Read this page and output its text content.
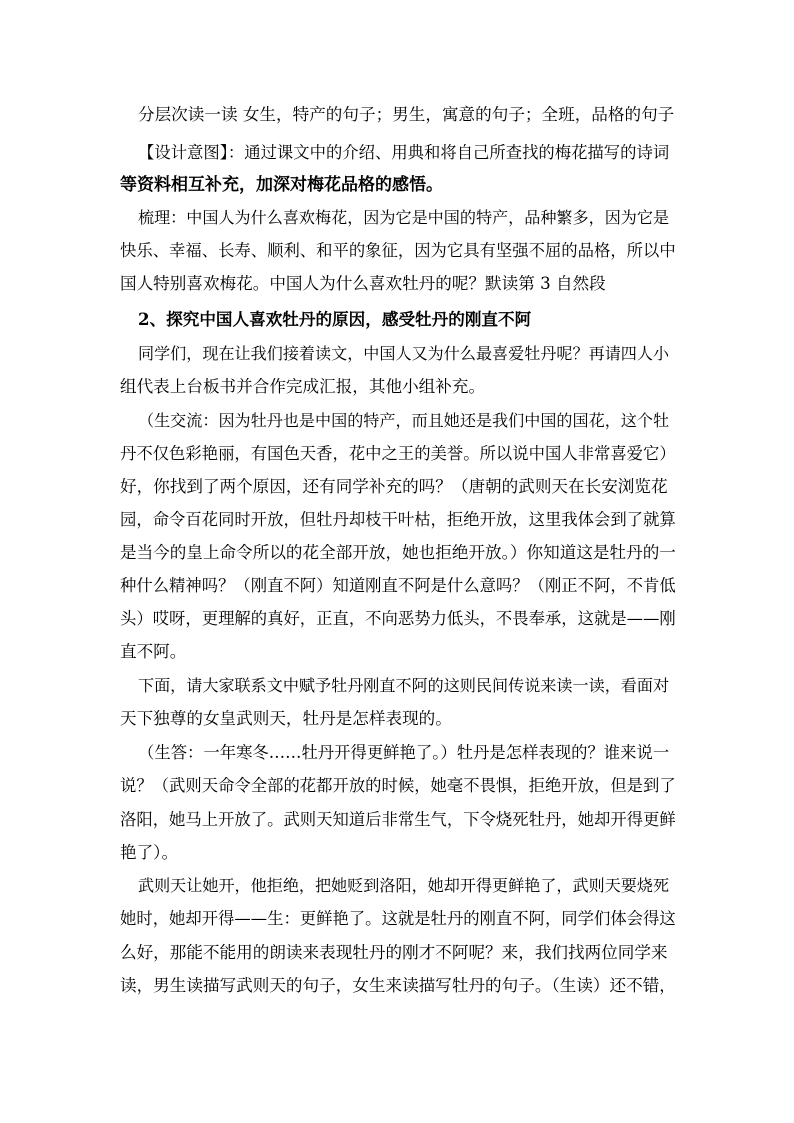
分层次读一读 女生，特产的句子；男生，寓意的句子；全班，品格的句子

【设计意图】：通过课文中的介绍、用典和将自己所查找的梅花描写的诗词

等资料相互补充，加深对梅花品格的感悟。

梳理：中国人为什么喜欢梅花，因为它是中国的特产，品种繁多，因为它是

快乐、幸福、长寿、顺利、和平的象征，因为它具有坚强不屈的品格，所以中

国人特别喜欢梅花。中国人为什么喜欢牡丹的呢？默读第 3 自然段

2、探究中国人喜欢牡丹的原因，感受牡丹的刚直不阿

同学们，现在让我们接着读文，中国人又为什么最喜爱牡丹呢？再请四人小

组代表上台板书并合作完成汇报，其他小组补充。

（生交流：因为牡丹也是中国的特产，而且她还是我们中国的国花，这个牡

丹不仅色彩艳丽，有国色天香，花中之王的美誉。所以说中国人非常喜爱它）

好，你找到了两个原因，还有同学补充的吗？（唐朝的武则天在长安浏览花

园，命令百花同时开放，但牡丹却枝干叶枯，拒绝开放，这里我体会到了就算

是当今的皇上命令所以的花全部开放，她也拒绝开放。）你知道这是牡丹的一

种什么精神吗？（刚直不阿）知道刚直不阿是什么意吗？（刚正不阿，不肯低

头）哎呀，更理解的真好，正直，不向恶势力低头，不畏奉承，这就是——刚

直不阿。

下面，请大家联系文中赋予牡丹刚直不阿的这则民间传说来读一读，看面对

天下独尊的女皇武则天，牡丹是怎样表现的。

（生答：一年寒冬……牡丹开得更鲜艳了。）牡丹是怎样表现的？谁来说一

说？（武则天命令全部的花都开放的时候，她毫不畏惧，拒绝开放，但是到了

洛阳，她马上开放了。武则天知道后非常生气，下令烧死牡丹，她却开得更鲜

艳了）。

武则天让她开，他拒绝，把她贬到洛阳，她却开得更鲜艳了，武则天要烧死

她时，她却开得——生：更鲜艳了。这就是牡丹的刚直不阿，同学们体会得这

么好，那能不能用的朗读来表现牡丹的刚才不阿呢？来，我们找两位同学来

读，男生读描写武则天的句子，女生来读描写牡丹的句子。（生读）还不错，
